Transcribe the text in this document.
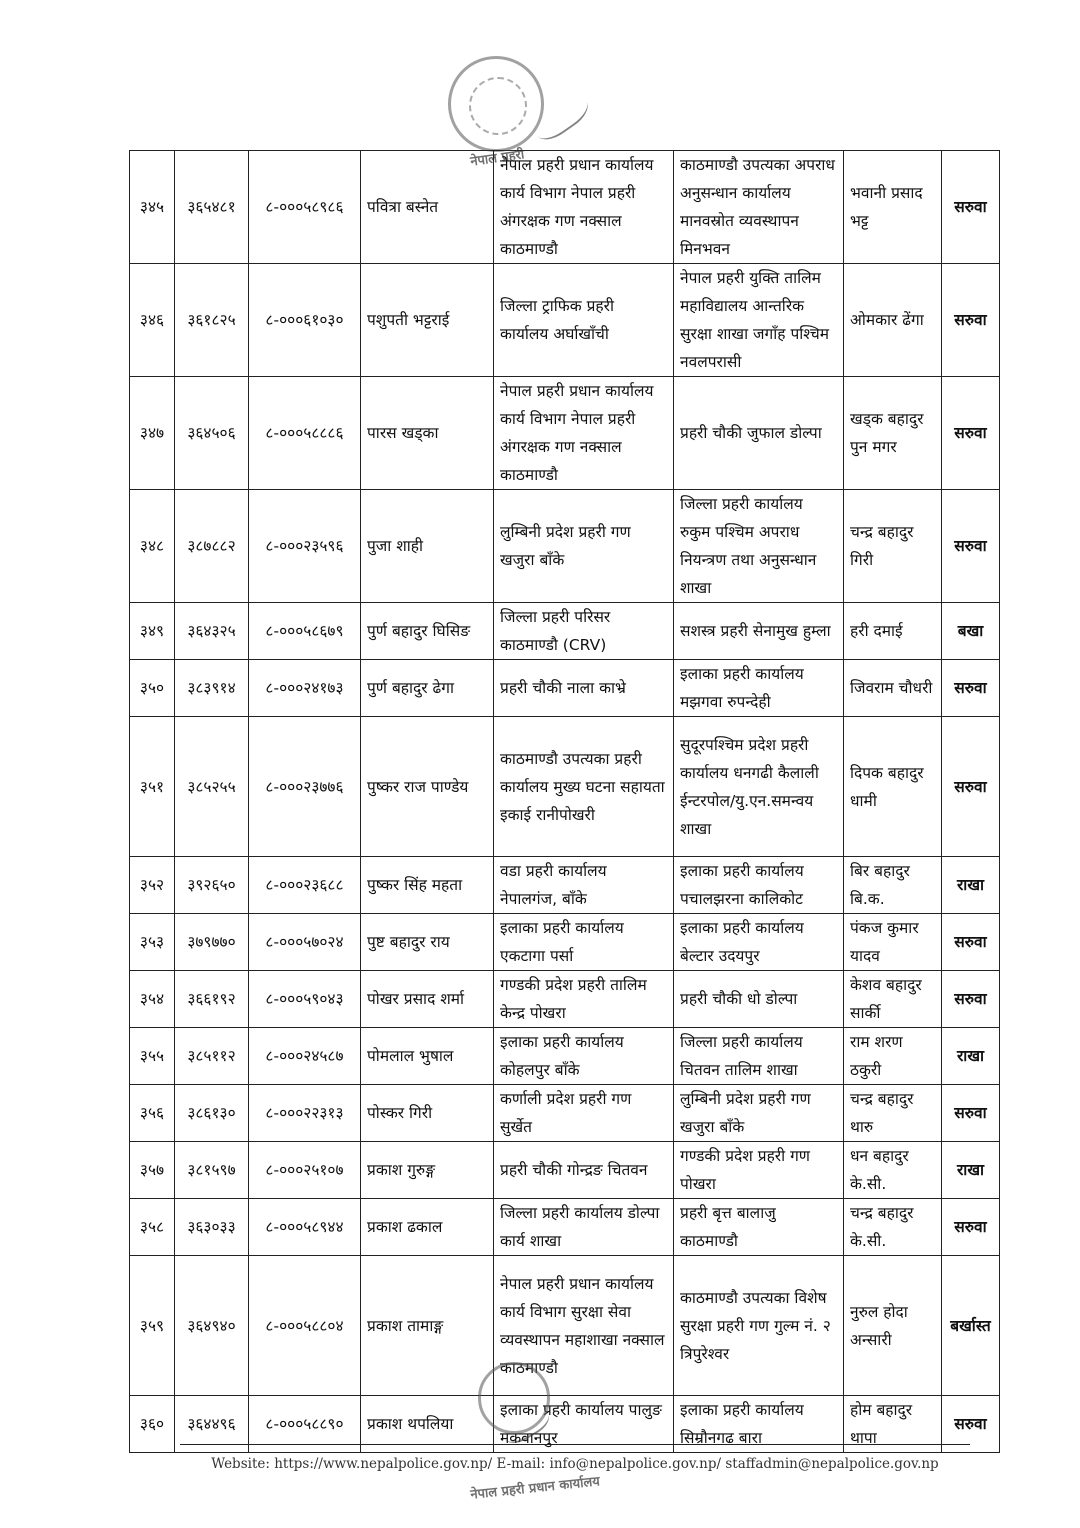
नेपाल प्रहरी
३४५	३६५४८१	८-०००५८९८६	पवित्रा बस्नेत	नेपाल प्रहरी प्रधान कार्यालय कार्य विभाग नेपाल प्रहरी अंगरक्षक गण नक्साल काठमाण्डौ	काठमाण्डौ उपत्यका अपराध अनुसन्धान कार्यालय मानवस्रोत व्यवस्थापन मिनभवन	भवानी प्रसाद भट्ट	सरुवा
३४६	३६१८२५	८-०००६१०३०	पशुपती भट्टराई	जिल्ला ट्राफिक प्रहरी कार्यालय अर्घाखाँची	नेपाल प्रहरी युक्ति तालिम महाविद्यालय आन्तरिक सुरक्षा शाखा जगाँह पश्चिम नवलपरासी	ओमकार ढेंगा	सरुवा
३४७	३६४५०६	८-०००५८८८६	पारस खड्का	नेपाल प्रहरी प्रधान कार्यालय कार्य विभाग नेपाल प्रहरी अंगरक्षक गण नक्साल काठमाण्डौ	प्रहरी चौकी जुफाल डोल्पा	खड्क बहादुर पुन मगर	सरुवा
३४८	३८७८८२	८-०००२३५९६	पुजा शाही	लुम्बिनी प्रदेश प्रहरी गण खजुरा बाँके	जिल्ला प्रहरी कार्यालय रुकुम पश्चिम अपराध नियन्त्रण तथा अनुसन्धान शाखा	चन्द्र बहादुर गिरी	सरुवा
३४९	३६४३२५	८-०००५८६७९	पुर्ण बहादुर घिसिङ	जिल्ला प्रहरी परिसर काठमाण्डौ (CRV)	सशस्त्र प्रहरी सेनामुख हुम्ला	हरी दमाई	बखा
३५०	३८३९१४	८-०००२४१७३	पुर्ण बहादुर ढेगा	प्रहरी चौकी नाला काभ्रे	इलाका प्रहरी कार्यालय मझगवा रुपन्देही	जिवराम चौधरी	सरुवा
३५१	३८५२५५	८-०००२३७७६	पुष्कर राज पाण्डेय	काठमाण्डौ उपत्यका प्रहरी कार्यालय मुख्य घटना सहायता इकाई रानीपोखरी	सुदूरपश्चिम प्रदेश प्रहरी कार्यालय धनगढी कैलाली ईन्टरपोल/यु.एन.समन्वय शाखा	दिपक बहादुर धामी	सरुवा
३५२	३९२६५०	८-०००२३६८८	पुष्कर सिंह महता	वडा प्रहरी कार्यालय नेपालगंज, बाँके	इलाका प्रहरी कार्यालय पचालझरना कालिकोट	बिर बहादुर बि.क.	राखा
३५३	३७९७७०	८-०००५७०२४	पुष्ट बहादुर राय	इलाका प्रहरी कार्यालय एकटागा पर्सा	इलाका प्रहरी कार्यालय बेल्टार उदयपुर	पंकज कुमार यादव	सरुवा
३५४	३६६१९२	८-०००५९०४३	पोखर प्रसाद शर्मा	गण्डकी प्रदेश प्रहरी तालिम केन्द्र पोखरा	प्रहरी चौकी धो डोल्पा	केशव बहादुर सार्की	सरुवा
३५५	३८५११२	८-०००२४५८७	पोमलाल भुषाल	इलाका प्रहरी कार्यालय कोहलपुर बाँके	जिल्ला प्रहरी कार्यालय चितवन तालिम शाखा	राम शरण ठकुरी	राखा
३५६	३८६१३०	८-०००२२३१३	पोस्कर गिरी	कर्णाली प्रदेश प्रहरी गण सुर्खेत	लुम्बिनी प्रदेश प्रहरी गण खजुरा बाँके	चन्द्र बहादुर थारु	सरुवा
३५७	३८१५९७	८-०००२५१०७	प्रकाश गुरुङ्ग	प्रहरी चौकी गोन्द्रङ चितवन	गण्डकी प्रदेश प्रहरी गण पोखरा	धन बहादुर के.सी.	राखा
३५८	३६३०३३	८-०००५८९४४	प्रकाश ढकाल	जिल्ला प्रहरी कार्यालय डोल्पा कार्य शाखा	प्रहरी बृत्त बालाजु काठमाण्डौ	चन्द्र बहादुर के.सी.	सरुवा
३५९	३६४९४०	८-०००५८८०४	प्रकाश तामाङ्ग	नेपाल प्रहरी प्रधान कार्यालय कार्य विभाग सुरक्षा सेवा व्यवस्थापन महाशाखा नक्साल काठमाण्डौ	काठमाण्डौ उपत्यका विशेष सुरक्षा प्रहरी गण गुल्म नं. २ त्रिपुरेश्वर	नुरुल होदा अन्सारी	बर्खास्त
३६०	३६४४९६	८-०००५८८९०	प्रकाश थपलिया	इलाका प्रहरी कार्यालय पालुङ मकवानपुर	इलाका प्रहरी कार्यालय सिम्रौनगढ बारा	होम बहादुर थापा	सरुवा
Website: https://www.nepalpolice.gov.np/ E-mail: info@nepalpolice.gov.np/ staffadmin@nepalpolice.gov.np
नेपाल प्रहरी प्रधान कार्यालय
